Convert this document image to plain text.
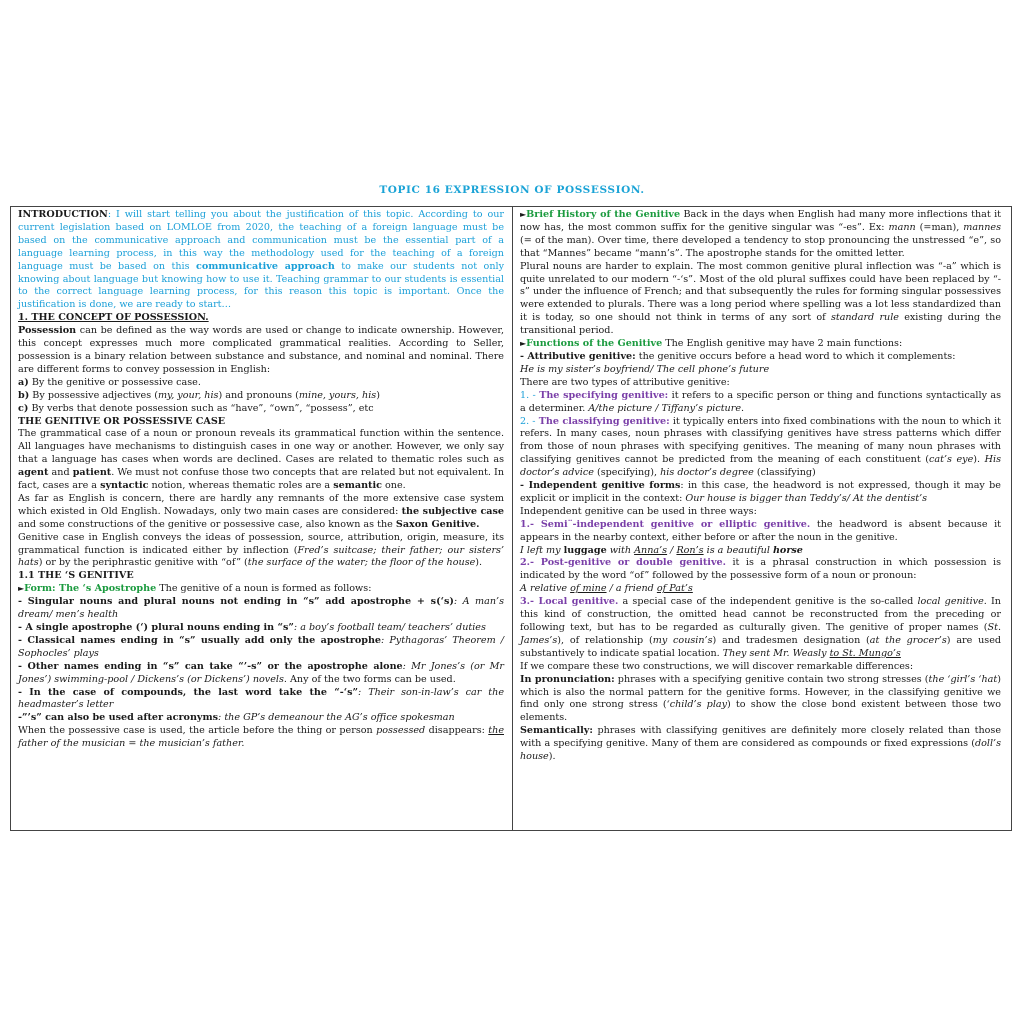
TOPIC 16 EXPRESSION OF POSSESSION.

INTRODUCTION: I will start telling you about the justification of this topic. According to our current legislation based on LOMLOE from 2020, the teaching of a foreign language must be based on the communicative approach and communication must be the essential part of a language learning process, in this way the methodology used for the teaching of a foreign language must be based on this communicative approach to make our students not only knowing about language but knowing how to use it. Teaching grammar to our students is essential to the correct language learning process, for this reason this topic is important. Once the justification is done, we are ready to start…

1. THE CONCEPT OF POSSESSION.

Possession can be defined as the way words are used or change to indicate ownership. However, this concept expresses much more complicated grammatical realities. According to Seller, possession is a binary relation between substance and substance, and nominal and nominal. There are different forms to convey possession in English:

a) By the genitive or possessive case.

b) By possessive adjectives (my, your, his) and pronouns (mine, yours, his)

c) By verbs that denote possession such as “have”, “own”, “possess”, etc

THE GENITIVE OR POSSESSIVE CASE

The grammatical case of a noun or pronoun reveals its grammatical function within the sentence. All languages have mechanisms to distinguish cases in one way or another. However, we only say that a language has cases when words are declined. Cases are related to thematic roles such as agent and patient. We must not confuse those two concepts that are related but not equivalent. In fact, cases are a syntactic notion, whereas thematic roles are a semantic one.

As far as English is concern, there are hardly any remnants of the more extensive case system which existed in Old English. Nowadays, only two main cases are considered: the subjective case and some constructions of the genitive or possessive case, also known as the Saxon Genitive.

Genitive case in English conveys the ideas of possession, source, attribution, origin, measure, its grammatical function is indicated either by inflection (Fred’s suitcase; their father; our sisters’ hats) or by the periphrastic genitive with “of” (the surface of the water; the floor of the house).

1.1 THE ‘S GENITIVE

►Form: The ‘s Apostrophe The genitive of a noun is formed as follows:

- Singular nouns and plural nouns not ending in “s” add apostrophe + s(‘s): A man’s dream/ men’s health

- A single apostrophe (‘) plural nouns ending in “s”: a boy’s football team/ teachers’ duties

- Classical names ending in “s” usually add only the apostrophe: Pythagoras’ Theorem / Sophocles’ plays

- Other names ending in “s” can take “’-s” or the apostrophe alone: Mr Jones’s (or Mr Jones’) swimming-pool / Dickens’s (or Dickens’) novels. Any of the two forms can be used.

- In the case of compounds, the last word take the “-‘s”: Their son-in-law’s car the headmaster’s letter

-”’s” can also be used after acronyms: the GP’s demeanour the AG’s office spokesman

When the possessive case is used, the article before the thing or person possessed disappears: the father of the musician = the musician’s father.

►Brief History of the Genitive Back in the days when English had many more inflections that it now has, the most common suffix for the genitive singular was “-es”. Ex: mann (=man), mannes (= of the man). Over time, there developed a tendency to stop pronouncing the unstressed “e”, so that “Mannes” became “mann’s”. The apostrophe stands for the omitted letter.

Plural nouns are harder to explain. The most common genitive plural inflection was “-a” which is quite unrelated to our modern “-‘s”. Most of the old plural suffixes could have been replaced by “-s” under the influence of French; and that subsequently the rules for forming singular possessives were extended to plurals. There was a long period where spelling was a lot less standardized than it is today, so one should not think in terms of any sort of standard rule existing during the transitional period.

►Functions of the Genitive The English genitive may have 2 main functions:

- Attributive genitive: the genitive occurs before a head word to which it complements:

He is my sister’s boyfriend/ The cell phone’s future

There are two types of attributive genitive:

1. - The specifying genitive: it refers to a specific person or thing and functions syntactically as a determiner. A/the picture / Tiffany’s picture.

2. - The classifying genitive: it typically enters into fixed combinations with the noun to which it refers. In many cases, noun phrases with classifying genitives have stress patterns which differ from those of noun phrases with specifying genitives. The meaning of many noun phrases with classifying genitives cannot be predicted from the meaning of each constituent (cat’s eye). His doctor’s advice (specifying), his doctor’s degree (classifying)

- Independent genitive forms: in this case, the headword is not expressed, though it may be explicit or implicit in the context: Our house is bigger than Teddy’s/ At the dentist’s

Independent genitive can be used in three ways:

1.- Semi¨-independent genitive or elliptic genitive. the headword is absent because it appears in the nearby context, either before or after the noun in the genitive.

I left my luggage with Anna’s / Ron’s is a beautiful horse

2.- Post-genitive or double genitive. it is a phrasal construction in which possession is indicated by the word “of” followed by the possessive form of a noun or pronoun:

A relative of mine / a friend of Pat’s

3.- Local genitive. a special case of the independent genitive is the so-called local genitive. In this kind of construction, the omitted head cannot be reconstructed from the preceding or following text, but has to be regarded as culturally given. The genitive of proper names (St. James’s), of relationship (my cousin’s) and tradesmen designation (at the grocer’s) are used substantively to indicate spatial location. They sent Mr. Weasly to St. Mungo’s

If we compare these two constructions, we will discover remarkable differences:

In pronunciation: phrases with a specifying genitive contain two strong stresses (the ‘girl’s ‘hat) which is also the normal pattern for the genitive forms. However, in the classifying genitive we find only one strong stress (‘child’s play) to show the close bond existent between those two elements.

Semantically: phrases with classifying genitives are definitely more closely related than those with a specifying genitive. Many of them are considered as compounds or fixed expressions (doll’s house).
